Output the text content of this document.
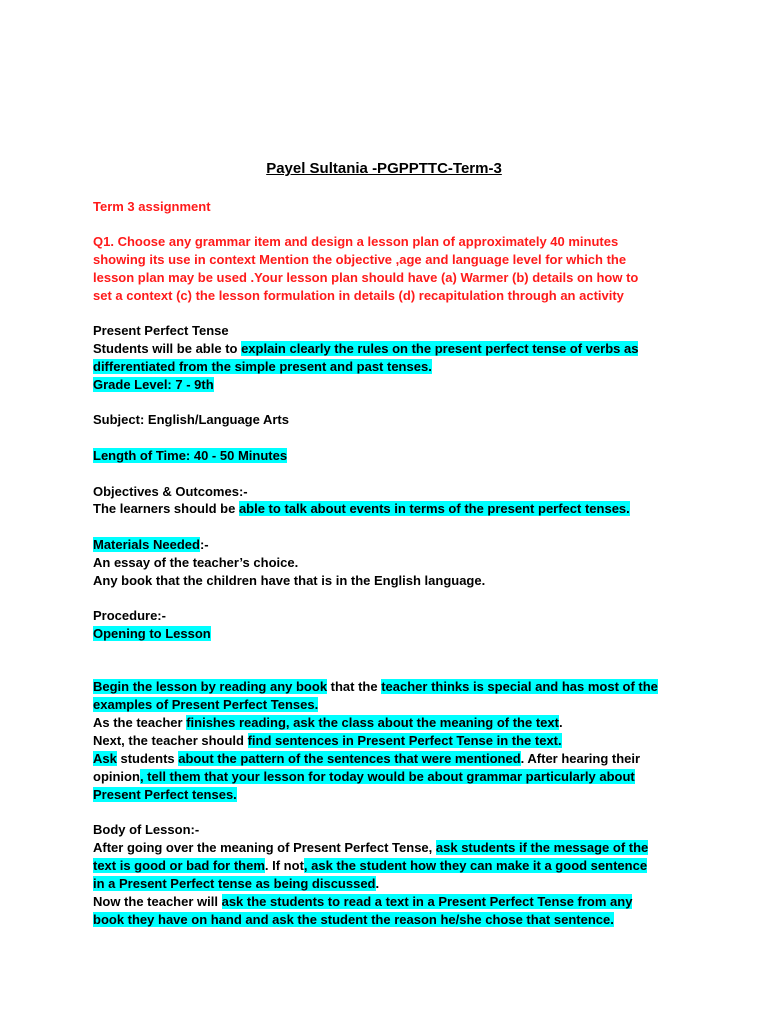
Payel Sultania -PGPPTTC-Term-3
Term 3 assignment
Q1. Choose any grammar item and design a lesson plan of approximately 40 minutes
showing its use in context Mention the objective ,age and language level for which the
lesson plan may be used .Your lesson plan should have (a) Warmer (b) details on how to
set a context (c) the lesson formulation in details (d) recapitulation through an activity
Present Perfect Tense
Students will be able to explain clearly the rules on the present perfect tense of verbs as
differentiated from the simple present and past tenses.
Grade Level: 7 - 9th
Subject: English/Language Arts
Length of Time: 40 - 50 Minutes
Objectives & Outcomes:-
The learners should be able to talk about events in terms of the present perfect tenses.
Materials Needed:-
An essay of the teacher’s choice.
Any book that the children have that is in the English language.
Procedure:-
Opening to Lesson
Begin the lesson by reading any book that the teacher thinks is special and has most of the
examples of Present Perfect Tenses.
As the teacher finishes reading, ask the class about the meaning of the text.
Next, the teacher should find sentences in Present Perfect Tense in the text.
Ask students about the pattern of the sentences that were mentioned. After hearing their
opinion, tell them that your lesson for today would be about grammar particularly about
Present Perfect tenses.
Body of Lesson:-
After going over the meaning of Present Perfect Tense, ask students if the message of the
text is good or bad for them. If not, ask the student how they can make it a good sentence
in a Present Perfect tense as being discussed.
Now the teacher will ask the students to read a text in a Present Perfect Tense from any
book they have on hand and ask the student the reason he/she chose that sentence.
